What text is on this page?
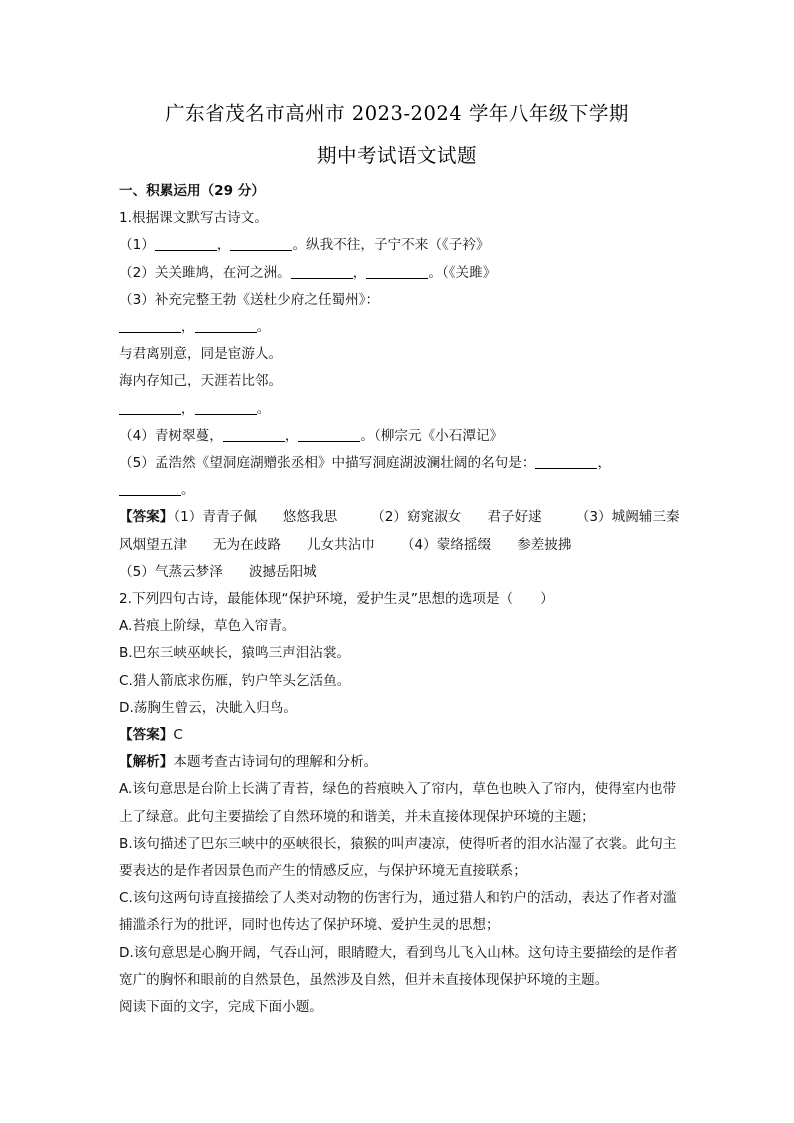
广东省茂名市高州市 2023-2024 学年八年级下学期
期中考试语文试题
一、积累运用（29 分）
1.根据课文默写古诗文。
（1）	，	。纵我不往，子宁不来（《子衿》
（2）关关雎鸠，在河之洲。	，	。（《关雎》
（3）补充完整王勃《送杜少府之任蜀州》：
，	。
与君离别意，同是宦游人。
海内存知己，天涯若比邻。
，	。
（4）青树翠蔓，	，	。（柳宗元《小石潭记》
（5）孟浩然《望洞庭湖赠张丞相》中描写洞庭湖波澜壮阔的名句是：	，
。
【答案】（1）青青子佩 悠悠我思	（2）窈窕淑女 君子好逑	（3）城阙辅三秦
风烟望五津 无为在歧路 儿女共沾巾 （4）蒙络摇缀 参差披拂
（5）气蒸云梦泽 波撼岳阳城
2.下列四句古诗，最能体现“保护环境，爱护生灵”思想的选项是（　　）
A.苔痕上阶绿，草色入帘青。
B.巴东三峡巫峡长，猿鸣三声泪沾裳。
C.猎人箭底求伤雁，钓户竿头乞活鱼。
D.荡胸生曾云，决眦入归鸟。
【答案】C
【解析】本题考查古诗词句的理解和分析。
A.该句意思是台阶上长满了青苔，绿色的苔痕映入了帘内，草色也映入了帘内，使得室内也带上了绿意。此句主要描绘了自然环境的和谐美，并未直接体现保护环境的主题；
B.该句描述了巴东三峡中的巫峡很长，猿猴的叫声凄凉，使得听者的泪水沾湿了衣裳。此句主要表达的是作者因景色而产生的情感反应，与保护环境无直接联系；
C.该句这两句诗直接描绘了人类对动物的伤害行为，通过猎人和钓户的活动，表达了作者对滥捕滥杀行为的批评，同时也传达了保护环境、爱护生灵的思想；
D.该句意思是心胸开阔，气吞山河，眼睛瞪大，看到鸟儿飞入山林。这句诗主要描绘的是作者宽广的胸怀和眼前的自然景色，虽然涉及自然，但并未直接体现保护环境的主题。
阅读下面的文字，完成下面小题。
